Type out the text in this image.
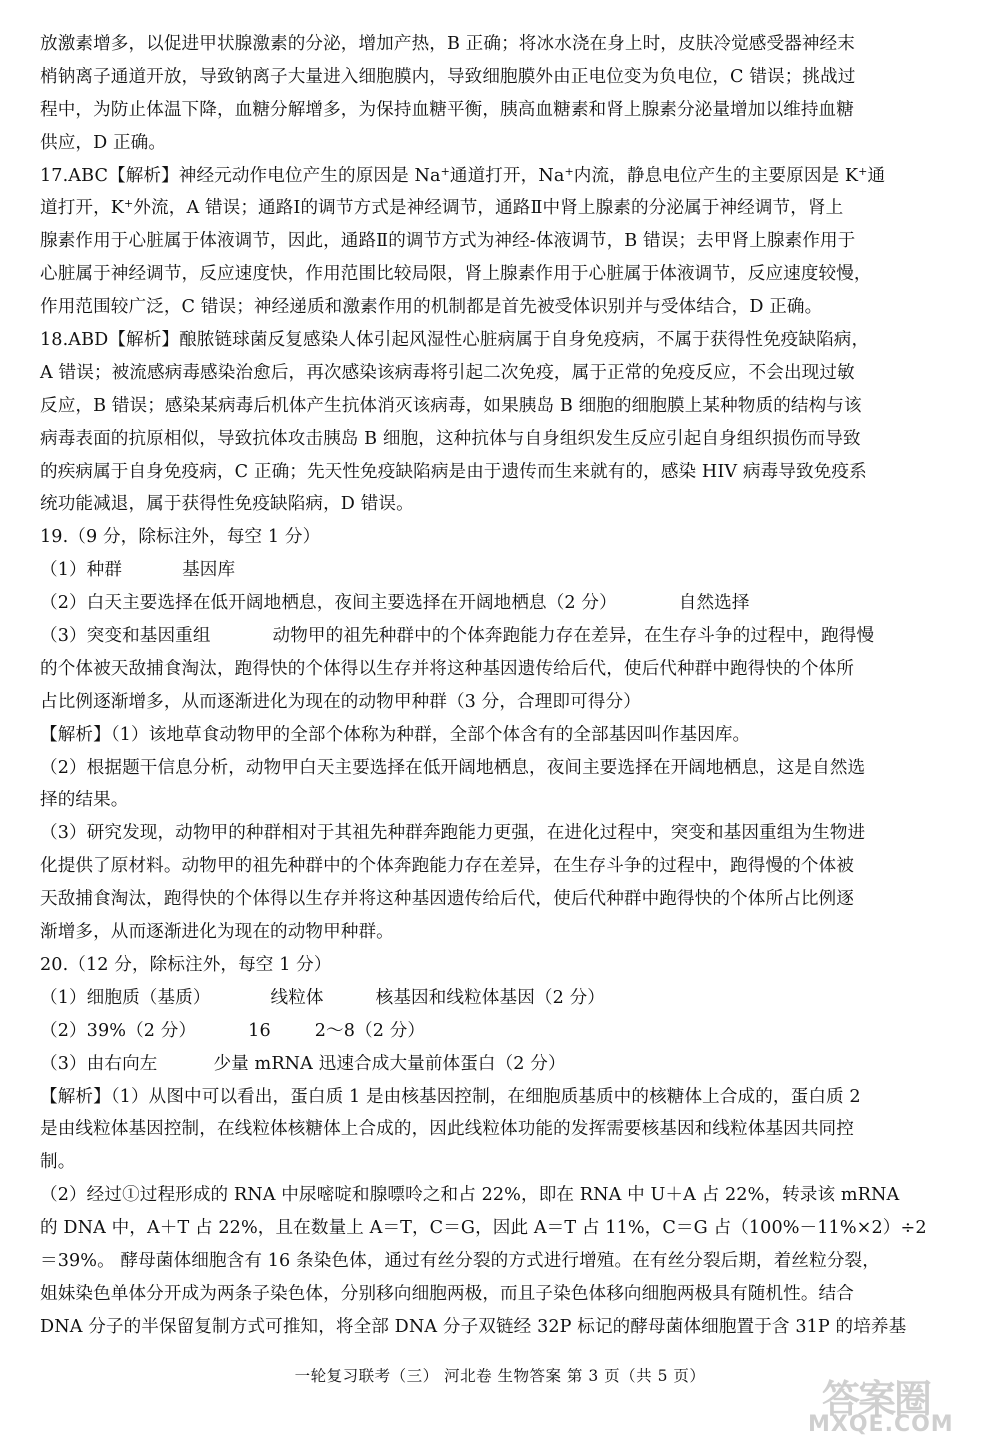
放激素增多，以促进甲状腺激素的分泌，增加产热，B 正确；将冰水浇在身上时，皮肤冷觉感受器神经末
梢钠离子通道开放，导致钠离子大量进入细胞膜内，导致细胞膜外由正电位变为负电位，C 错误；挑战过
程中，为防止体温下降，血糖分解增多，为保持血糖平衡，胰高血糖素和肾上腺素分泌量增加以维持血糖
供应，D 正确。
17.ABC【解析】神经元动作电位产生的原因是 Na+通道打开，Na+内流，静息电位产生的主要原因是 K+通
道打开，K+外流，A 错误；通路Ⅰ的调节方式是神经调节，通路Ⅱ中肾上腺素的分泌属于神经调节，肾上
腺素作用于心脏属于体液调节，因此，通路Ⅱ的调节方式为神经-体液调节，B 错误；去甲肾上腺素作用于
心脏属于神经调节，反应速度快，作用范围比较局限，肾上腺素作用于心脏属于体液调节，反应速度较慢，
作用范围较广泛，C 错误；神经递质和激素作用的机制都是首先被受体识别并与受体结合，D 正确。
18.ABD【解析】酿脓链球菌反复感染人体引起风湿性心脏病属于自身免疫病，不属于获得性免疫缺陷病，
A 错误；被流感病毒感染治愈后，再次感染该病毒将引起二次免疫，属于正常的免疫反应，不会出现过敏
反应，B 错误；感染某病毒后机体产生抗体消灭该病毒，如果胰岛 B 细胞的细胞膜上某种物质的结构与该
病毒表面的抗原相似，导致抗体攻击胰岛 B 细胞，这种抗体与自身组织发生反应引起自身组织损伤而导致
的疾病属于自身免疫病，C 正确；先天性免疫缺陷病是由于遗传而生来就有的，感染 HIV 病毒导致免疫系
统功能减退，属于获得性免疫缺陷病，D 错误。
19.（9 分，除标注外，每空 1 分）
（1）种群	基因库
（2）白天主要选择在低开阔地栖息，夜间主要选择在开阔地栖息（2 分）	自然选择
（3）突变和基因重组	动物甲的祖先种群中的个体奔跑能力存在差异，在生存斗争的过程中，跑得慢
的个体被天敌捕食淘汰，跑得快的个体得以生存并将这种基因遗传给后代，使后代种群中跑得快的个体所
占比例逐渐增多，从而逐渐进化为现在的动物甲种群（3 分，合理即可得分）
【解析】（1）该地草食动物甲的全部个体称为种群，全部个体含有的全部基因叫作基因库。
（2）根据题干信息分析，动物甲白天主要选择在低开阔地栖息，夜间主要选择在开阔地栖息，这是自然选
择的结果。
（3）研究发现，动物甲的种群相对于其祖先种群奔跑能力更强，在进化过程中，突变和基因重组为生物进
化提供了原材料。动物甲的祖先种群中的个体奔跑能力存在差异，在生存斗争的过程中，跑得慢的个体被
天敌捕食淘汰，跑得快的个体得以生存并将这种基因遗传给后代，使后代种群中跑得快的个体所占比例逐
渐增多，从而逐渐进化为现在的动物甲种群。
20.（12 分，除标注外，每空 1 分）
（1）细胞质（基质）	线粒体	核基因和线粒体基因（2 分）
（2）39%（2 分）	16	2～8（2 分）
（3）由右向左	少量 mRNA 迅速合成大量前体蛋白（2 分）
【解析】（1）从图中可以看出，蛋白质 1 是由核基因控制，在细胞质基质中的核糖体上合成的，蛋白质 2
是由线粒体基因控制，在线粒体核糖体上合成的，因此线粒体功能的发挥需要核基因和线粒体基因共同控
制。
（2）经过①过程形成的 RNA 中尿嘧啶和腺嘌呤之和占 22%，即在 RNA 中 U＋A 占 22%，转录该 mRNA
的 DNA 中，A＋T 占 22%，且在数量上 A＝T，C＝G，因此 A＝T 占 11%，C＝G 占（100%－11%×2）÷2
＝39%。 酵母菌体细胞含有 16 条染色体，通过有丝分裂的方式进行增殖。在有丝分裂后期，着丝粒分裂，
姐妹染色单体分开成为两条子染色体，分别移向细胞两极，而且子染色体移向细胞两极具有随机性。结合
DNA 分子的半保留复制方式可推知，将全部 DNA 分子双链经 32P 标记的酵母菌体细胞置于含 31P 的培养基
一轮复习联考（三） 河北卷 生物答案 第 3 页（共 5 页）
答案圈
MXQE.COM
